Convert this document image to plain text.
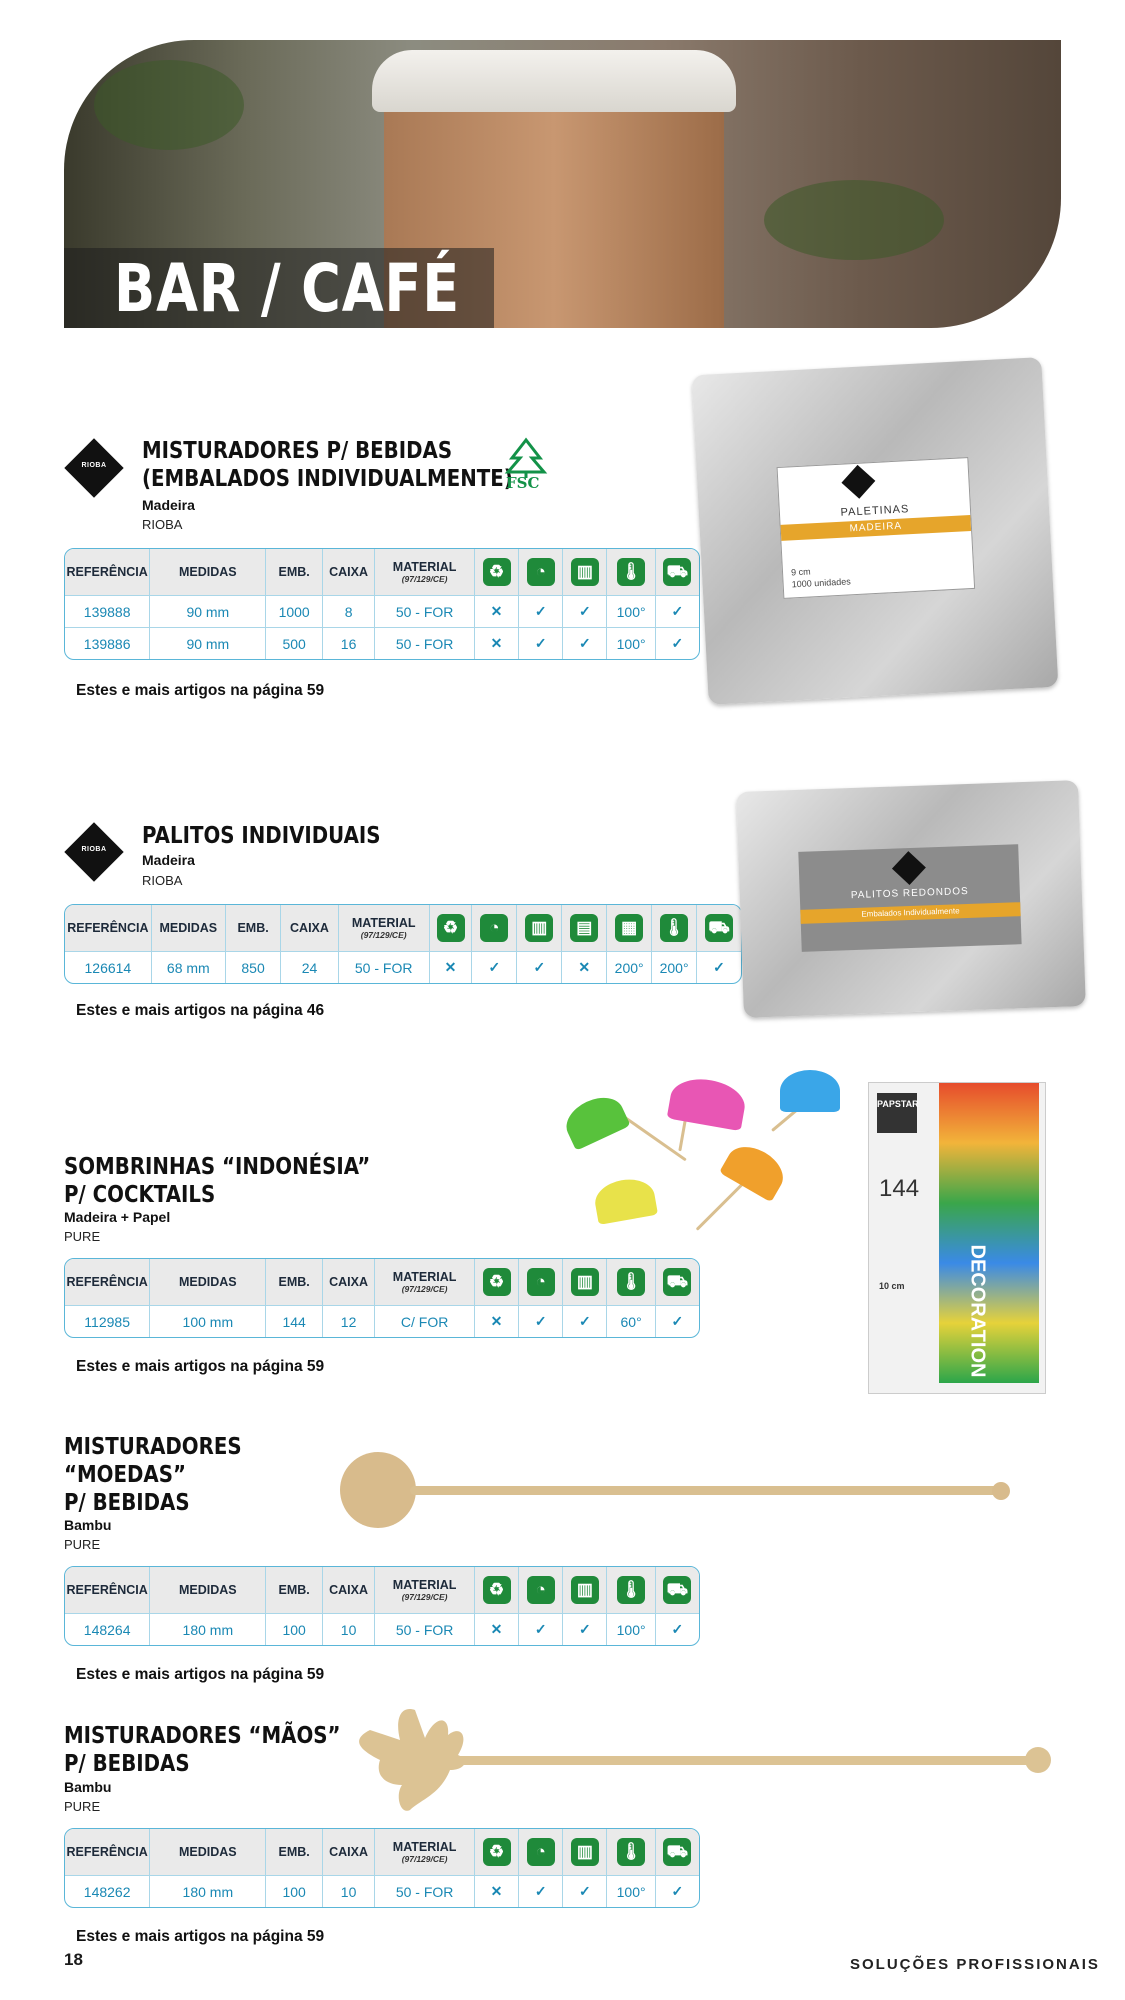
BAR / CAFÉ
RIOBA
MISTURADORES P/ BEBIDAS
(EMBALADOS INDIVIDUALMENTE)
FSC
Madeira
RIOBA
REFERÊNCIA	MEDIDAS	EMB.	CAIXA	MATERIAL
(97/129/CE)	♻	◔	▥	🌡	⛟
139888	90 mm	1000	8	50 - FOR	✕	✓	✓	100°	✓
139886	90 mm	500	16	50 - FOR	✕	✓	✓	100°	✓
Estes e mais artigos na página 59
PALETINAS
MADEIRA
9 cm
1000 unidades
RIOBA
PALITOS INDIVIDUAIS
Madeira
RIOBA
REFERÊNCIA	MEDIDAS	EMB.	CAIXA	MATERIAL
(97/129/CE)	♻	◔	▥	▤	▦	🌡	⛟
126614	68 mm	850	24	50 - FOR	✕	✓	✓	✕	200°	200°	✓
Estes e mais artigos na página 46
PALITOS REDONDOS
Embalados Individualmente
SOMBRINHAS “INDONÉSIA”
P/ COCKTAILS
Madeira + Papel
PURE
REFERÊNCIA	MEDIDAS	EMB.	CAIXA	MATERIAL
(97/129/CE)	♻	◔	▥	🌡	⛟
112985	100 mm	144	12	C/ FOR	✕	✓	✓	60°	✓
Estes e mais artigos na página 59
PAPSTAR
144
DECORATION
10 cm
MISTURADORES
“MOEDAS”
P/ BEBIDAS
Bambu
PURE
REFERÊNCIA	MEDIDAS	EMB.	CAIXA	MATERIAL
(97/129/CE)	♻	◔	▥	🌡	⛟
148264	180 mm	100	10	50 - FOR	✕	✓	✓	100°	✓
Estes e mais artigos na página 59
MISTURADORES “MÃOS”
P/ BEBIDAS
Bambu
PURE
REFERÊNCIA	MEDIDAS	EMB.	CAIXA	MATERIAL
(97/129/CE)	♻	◔	▥	🌡	⛟
148262	180 mm	100	10	50 - FOR	✕	✓	✓	100°	✓
Estes e mais artigos na página 59
18	SOLUÇÕES PROFISSIONAIS
